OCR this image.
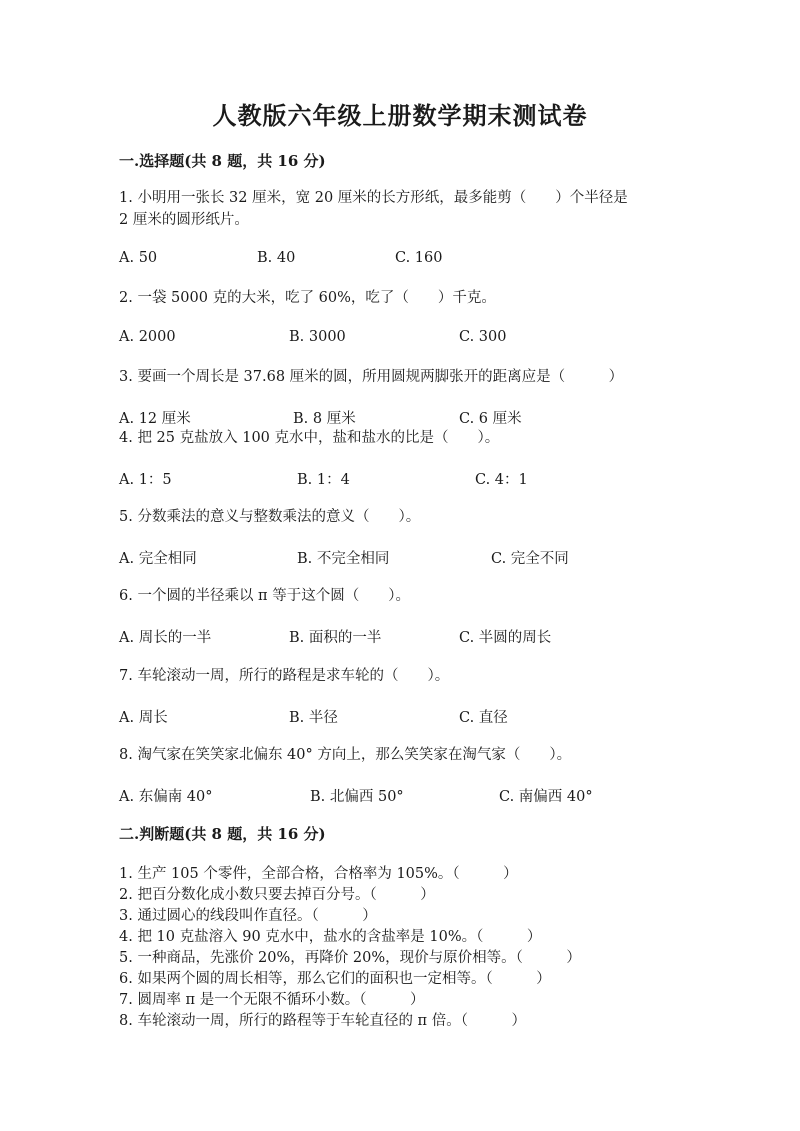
人教版六年级上册数学期末测试卷
一.选择题(共 8 题，共 16 分)
1. 小明用一张长 32 厘米，宽 20 厘米的长方形纸，最多能剪（　　）个半径是
2 厘米的圆形纸片。
A. 50	B. 40	C. 160
2. 一袋 5000 克的大米，吃了 60%，吃了（　　）千克。
A. 2000	B. 3000	C. 300
3. 要画一个周长是 37.68 厘米的圆，所用圆规两脚张开的距离应是（　　　）
A. 12 厘米	B. 8 厘米	C. 6 厘米
4. 把 25 克盐放入 100 克水中，盐和盐水的比是（　　）。
A. 1：5	B. 1：4	C. 4：1
5. 分数乘法的意义与整数乘法的意义（　　）。
A. 完全相同	B. 不完全相同	C. 完全不同
6. 一个圆的半径乘以 π 等于这个圆（　　）。
A. 周长的一半	B. 面积的一半	C. 半圆的周长
7. 车轮滚动一周，所行的路程是求车轮的（　　）。
A. 周长	B. 半径	C. 直径
8. 淘气家在笑笑家北偏东 40° 方向上，那么笑笑家在淘气家（　　）。
A. 东偏南 40°	B. 北偏西 50°	C. 南偏西 40°
二.判断题(共 8 题，共 16 分)
1. 生产 105 个零件，全部合格，合格率为 105%。（　　　）
2. 把百分数化成小数只要去掉百分号。（　　　）
3. 通过圆心的线段叫作直径。（　　　）
4. 把 10 克盐溶入 90 克水中，盐水的含盐率是 10%。（　　　）
5. 一种商品，先涨价 20%，再降价 20%，现价与原价相等。（　　　）
6. 如果两个圆的周长相等，那么它们的面积也一定相等。（　　　）
7. 圆周率 π 是一个无限不循环小数。（　　　）
8. 车轮滚动一周，所行的路程等于车轮直径的 π 倍。（　　　）
